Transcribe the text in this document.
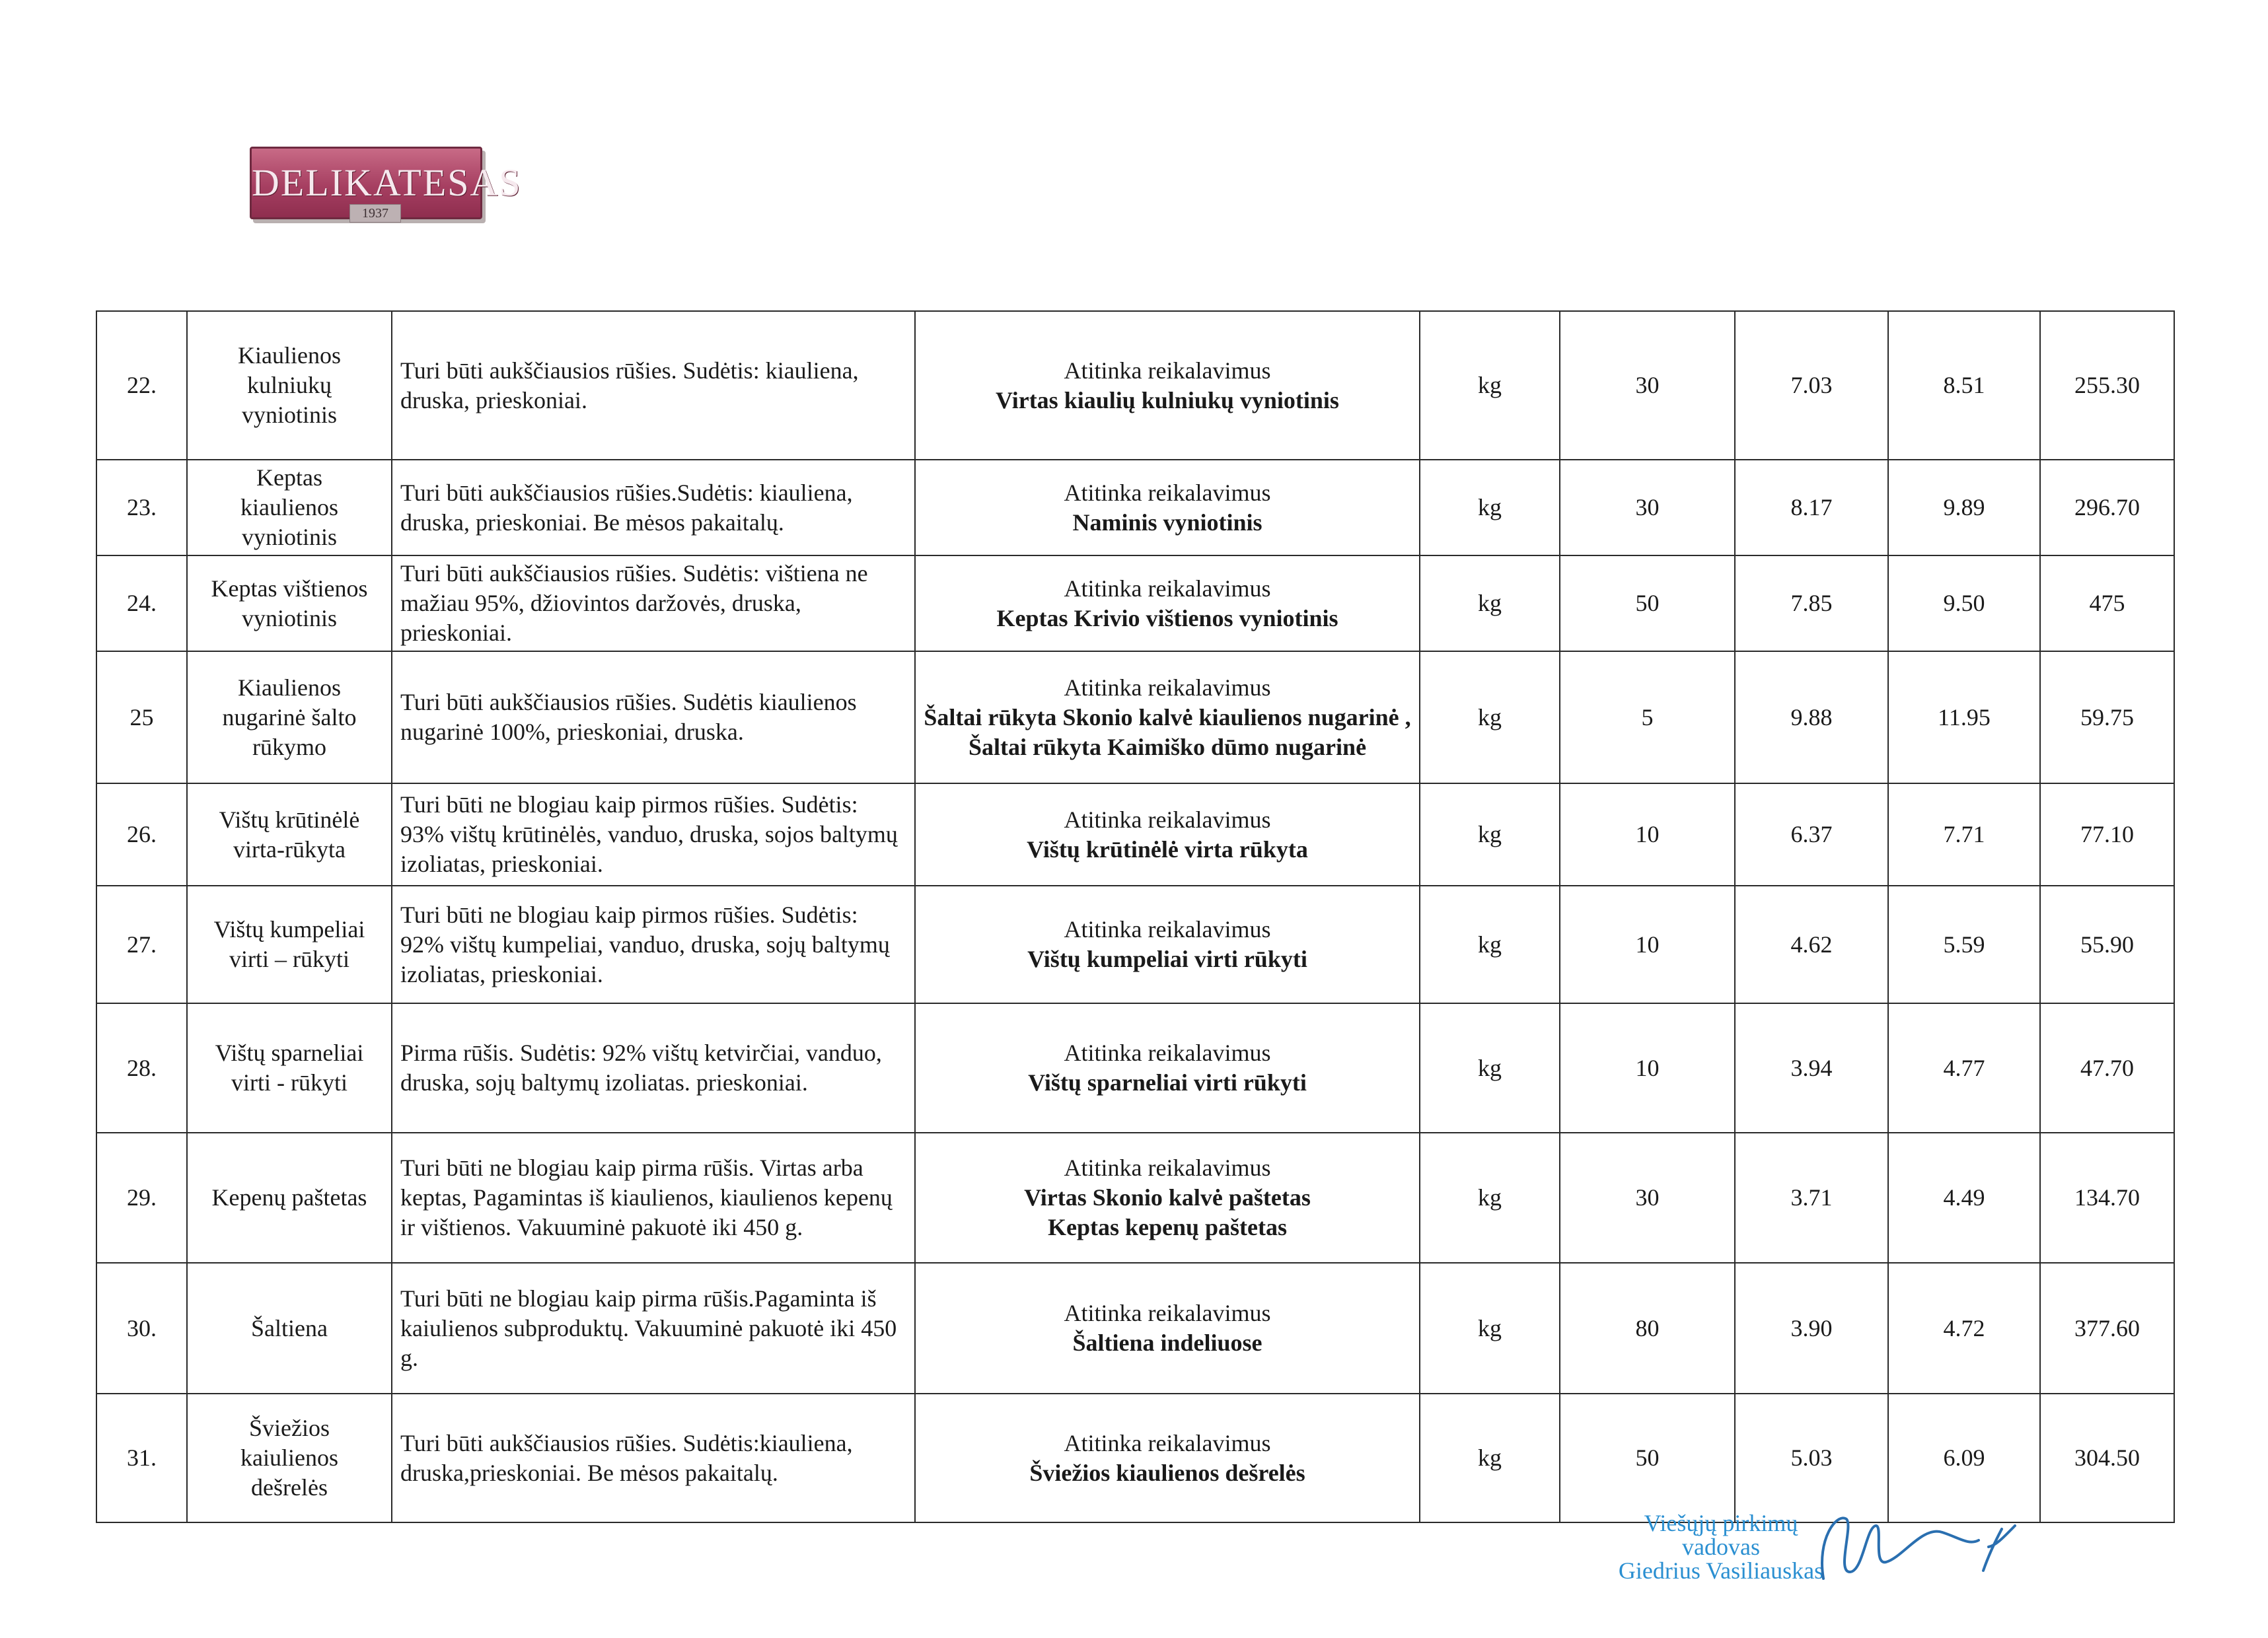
DELIKATESAS
1937
22.	Kiaulienos
kulniukų
vyniotinis	Turi būti aukščiausios rūšies. Sudėtis: kiauliena, druska, prieskoniai.	Atitinka reikalavimus
Virtas kiaulių kulniukų vyniotinis	kg	30	7.03	8.51	255.30
23.	Keptas
kiaulienos
vyniotinis	Turi būti aukščiausios rūšies.Sudėtis: kiauliena, druska, prieskoniai. Be mėsos pakaitalų.	Atitinka reikalavimus
Naminis vyniotinis	kg	30	8.17	9.89	296.70
24.	Keptas vištienos
vyniotinis	Turi būti aukščiausios rūšies. Sudėtis: vištiena ne mažiau 95%, džiovintos daržovės, druska, prieskoniai.	Atitinka reikalavimus
Keptas Krivio vištienos vyniotinis	kg	50	7.85	9.50	475
25	Kiaulienos
nugarinė šalto
rūkymo	Turi būti aukščiausios rūšies. Sudėtis kiaulienos nugarinė 100%, prieskoniai, druska.	Atitinka reikalavimus
Šaltai rūkyta Skonio kalvė kiaulienos nugarinė ,
Šaltai rūkyta Kaimiško dūmo nugarinė	kg	5	9.88	11.95	59.75
26.	Vištų krūtinėlė
virta-rūkyta	Turi būti ne blogiau kaip pirmos rūšies. Sudėtis: 93% vištų krūtinėlės, vanduo, druska, sojos baltymų izoliatas, prieskoniai.	Atitinka reikalavimus
Vištų krūtinėlė virta rūkyta	kg	10	6.37	7.71	77.10
27.	Vištų kumpeliai
virti – rūkyti	Turi būti ne blogiau kaip pirmos rūšies. Sudėtis: 92% vištų kumpeliai, vanduo, druska, sojų baltymų izoliatas, prieskoniai.	Atitinka reikalavimus
Vištų kumpeliai virti rūkyti	kg	10	4.62	5.59	55.90
28.	Vištų sparneliai
virti - rūkyti	Pirma rūšis. Sudėtis: 92% vištų ketvirčiai, vanduo, druska, sojų baltymų izoliatas. prieskoniai.	Atitinka reikalavimus
Vištų sparneliai virti rūkyti	kg	10	3.94	4.77	47.70
29.	Kepenų paštetas	Turi būti ne blogiau kaip pirma rūšis. Virtas arba keptas, Pagamintas iš kiaulienos, kiaulienos kepenų ir vištienos. Vakuuminė pakuotė iki 450 g.	Atitinka reikalavimus
Virtas Skonio kalvė paštetas
Keptas kepenų paštetas	kg	30	3.71	4.49	134.70
30.	Šaltiena	Turi būti ne blogiau kaip pirma rūšis.Pagaminta iš kaiulienos subproduktų. Vakuuminė pakuotė iki 450 g.	Atitinka reikalavimus
Šaltiena indeliuose	kg	80	3.90	4.72	377.60
31.	Šviežios
kaiulienos
dešrelės	Turi būti aukščiausios rūšies. Sudėtis:kiauliena, druska,prieskoniai. Be mėsos pakaitalų.	Atitinka reikalavimus
Šviežios kiaulienos dešrelės	kg	50	5.03	6.09	304.50
Viešųjų pirkimų
vadovas
Giedrius Vasiliauskas
